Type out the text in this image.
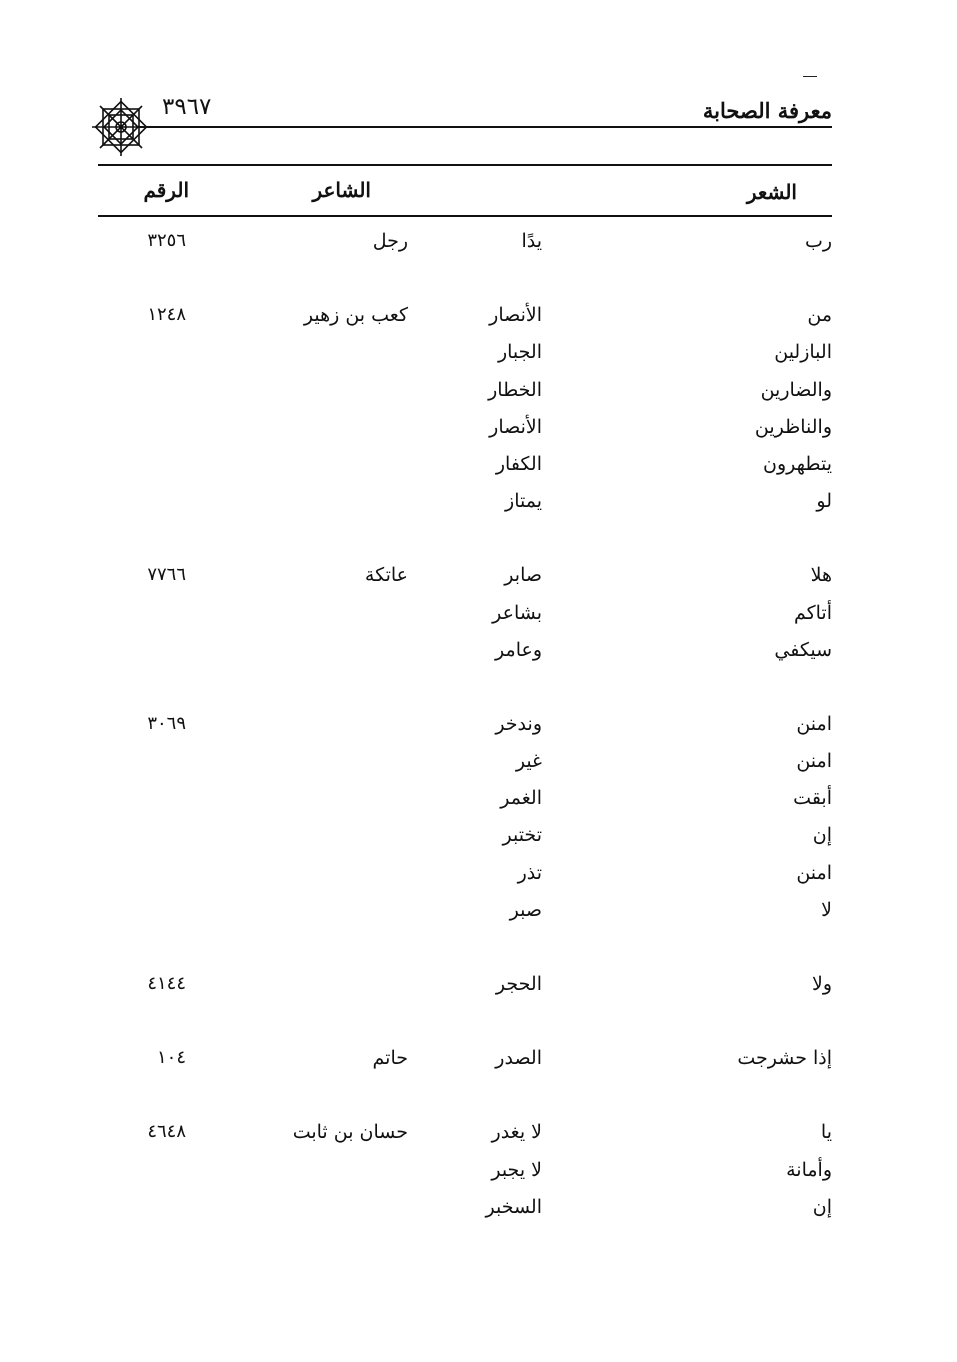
معرفة الصحابة
٣٩٦٧
الشعر
الشاعر
الرقم
رب
يدًا
رجل
٣٢٥٦
من
الأنصار
كعب بن زهير
١٢٤٨
البازلين
الجبار
والضارين
الخطار
والناظرين
الأنصار
يتطهرون
الكفار
لو
يمتاز
هلا
صابر
عاتكة
٧٧٦٦
أتاكم
بشاعر
سيكفي
وعامر
امنن
وندخر
٣٠٦٩
امنن
غير
أبقت
الغمر
إن
تختبر
امنن
تذر
لا
صبر
ولا
الحجر
٤١٤٤
إذا حشرجت
الصدر
حاتم
١٠٤
يا
لا يغدر
حسان بن ثابت
٤٦٤٨
وأمانة
لا يجبر
إن
السخبر
